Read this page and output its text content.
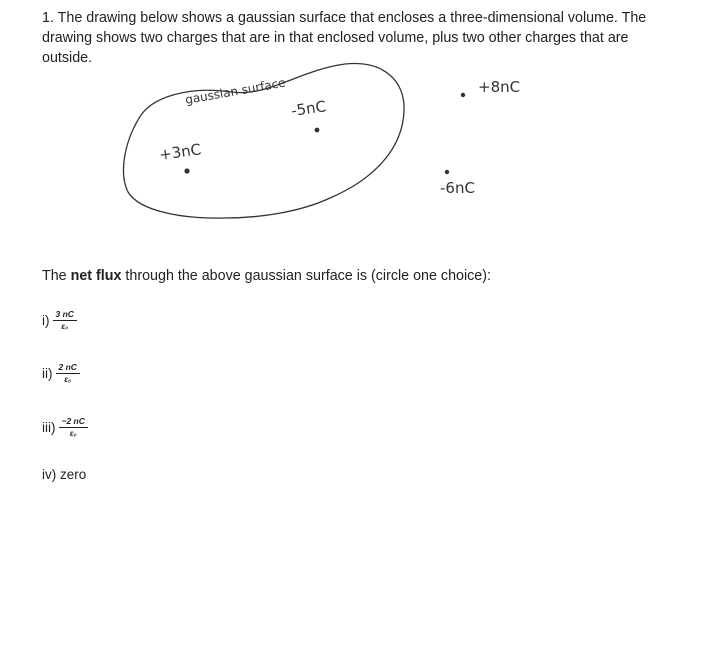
1. The drawing below shows a gaussian surface that encloses a three-dimensional volume. The drawing shows two charges that are in that enclosed volume, plus two other charges that are outside.
gaussian surface
+3nC
-5nC
+8nC
-6nC
The net flux through the above gaussian surface is (circle one choice):
$i) \frac{3 nC}{\text{ε₀}}$
$ii) \frac{2 nC}{\text{ε₀}}$
$iii) \frac{-2 nC}{\text{ε₀}}$
iv) zero
